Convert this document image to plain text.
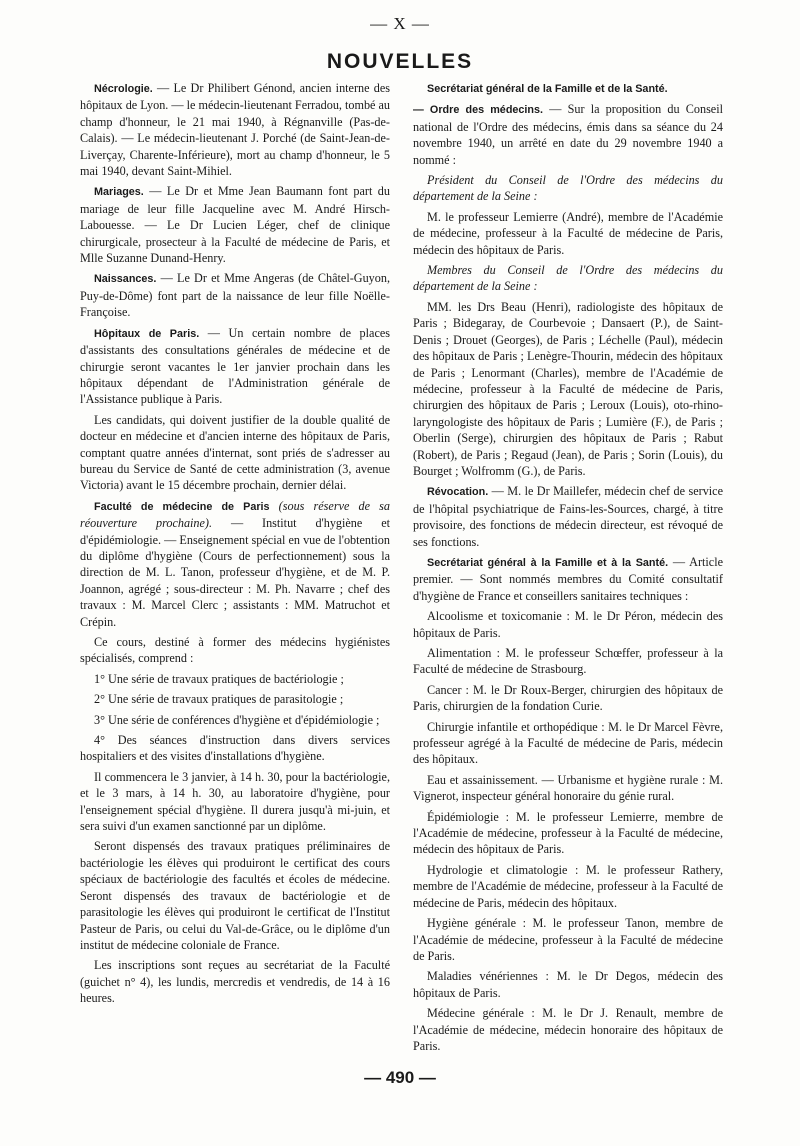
— X —
NOUVELLES

Nécrologie. — Le Dr Philibert Génond, ancien interne des hôpitaux de Lyon. — le médecin-lieutenant Ferradou, tombé au champ d'honneur, le 21 mai 1940, à Régnanville (Pas-de-Calais). — Le médecin-lieutenant J. Porché (de Saint-Jean-de-Liverçay, Charente-Inférieure), mort au champ d'honneur, le 5 mai 1940, devant Saint-Mihiel.

Mariages. — Le Dr et Mme Jean Baumann font part du mariage de leur fille Jacqueline avec M. André Hirsch-Labouesse. — Le Dr Lucien Léger, chef de clinique chirurgicale, prosecteur à la Faculté de médecine de Paris, et Mlle Suzanne Dunand-Henry.

Naissances. — Le Dr et Mme Angeras (de Châtel-Guyon, Puy-de-Dôme) font part de la naissance de leur fille Noëlle-Françoise.

Hôpitaux de Paris. — Un certain nombre de places d'assistants des consultations générales de médecine et de chirurgie seront vacantes le 1er janvier prochain dans les hôpitaux dépendant de l'Administration générale de l'Assistance publique à Paris.

Les candidats, qui doivent justifier de la double qualité de docteur en médecine et d'ancien interne des hôpitaux de Paris, comptant quatre années d'internat, sont priés de s'adresser au bureau du Service de Santé de cette administration (3, avenue Victoria) avant le 15 décembre prochain, dernier délai.

Faculté de médecine de Paris (sous réserve de sa réouverture prochaine). — Institut d'hygiène et d'épidémiologie. — Enseignement spécial en vue de l'obtention du diplôme d'hygiène (Cours de perfectionnement) sous la direction de M. L. Tanon, professeur d'hygiène, et de M. P. Joannon, agrégé ; sous-directeur : M. Ph. Navarre ; chef des travaux : M. Marcel Clerc ; assistants : MM. Matruchot et Crépin.

Ce cours, destiné à former des médecins hygiénistes spécialisés, comprend :

1° Une série de travaux pratiques de bactériologie ;

2° Une série de travaux pratiques de parasitologie ;

3° Une série de conférences d'hygiène et d'épidémiologie ;

4° Des séances d'instruction dans divers services hospitaliers et des visites d'installations d'hygiène.

Il commencera le 3 janvier, à 14 h. 30, pour la bactériologie, et le 3 mars, à 14 h. 30, au laboratoire d'hygiène, pour l'enseignement spécial d'hygiène. Il durera jusqu'à mi-juin, et sera suivi d'un examen sanctionné par un diplôme.

Seront dispensés des travaux pratiques préliminaires de bactériologie les élèves qui produiront le certificat des cours spéciaux de bactériologie des facultés et écoles de médecine. Seront dispensés des travaux de bactériologie et de parasitologie les élèves qui produiront le certificat de l'Institut Pasteur de Paris, ou celui du Val-de-Grâce, ou le diplôme d'un institut de médecine coloniale de France.

Les inscriptions sont reçues au secrétariat de la Faculté (guichet n° 4), les lundis, mercredis et vendredis, de 14 à 16 heures.

Secrétariat général de la Famille et de la Santé.

— Ordre des médecins. — Sur la proposition du Conseil national de l'Ordre des médecins, émis dans sa séance du 24 novembre 1940, un arrêté en date du 29 novembre 1940 a nommé :

Président du Conseil de l'Ordre des médecins du département de la Seine :

M. le professeur Lemierre (André), membre de l'Académie de médecine, professeur à la Faculté de médecine de Paris, médecin des hôpitaux de Paris.

Membres du Conseil de l'Ordre des médecins du département de la Seine :

MM. les Drs Beau (Henri), radiologiste des hôpitaux de Paris ; Bidegaray, de Courbevoie ; Dansaert (P.), de Saint-Denis ; Drouet (Georges), de Paris ; Léchelle (Paul), médecin des hôpitaux de Paris ; Lenègre-Thourin, médecin des hôpitaux de Paris ; Lenormant (Charles), membre de l'Académie de médecine, professeur à la Faculté de médecine de Paris, chirurgien des hôpitaux de Paris ; Leroux (Louis), oto-rhino-laryngologiste des hôpitaux de Paris ; Lumière (F.), de Paris ; Oberlin (Serge), chirurgien des hôpitaux de Paris ; Rabut (Robert), de Paris ; Regaud (Jean), de Paris ; Sorin (Louis), du Bourget ; Wolfromm (G.), de Paris.

Révocation. — M. le Dr Maillefer, médecin chef de service de l'hôpital psychiatrique de Fains-les-Sources, chargé, à titre provisoire, des fonctions de médecin directeur, est révoqué de ses fonctions.

Secrétariat général à la Famille et à la Santé. — Article premier. — Sont nommés membres du Comité consultatif d'hygiène de France et conseillers sanitaires techniques :

Alcoolisme et toxicomanie : M. le Dr Péron, médecin des hôpitaux de Paris.

Alimentation : M. le professeur Schœffer, professeur à la Faculté de médecine de Strasbourg.

Cancer : M. le Dr Roux-Berger, chirurgien des hôpitaux de Paris, chirurgien de la fondation Curie.

Chirurgie infantile et orthopédique : M. le Dr Marcel Fèvre, professeur agrégé à la Faculté de médecine de Paris, médecin des hôpitaux.

Eau et assainissement. — Urbanisme et hygiène rurale : M. Vignerot, inspecteur général honoraire du génie rural.

Épidémiologie : M. le professeur Lemierre, membre de l'Académie de médecine, professeur à la Faculté de médecine, médecin des hôpitaux de Paris.

Hydrologie et climatologie : M. le professeur Rathery, membre de l'Académie de médecine, professeur à la Faculté de médecine de Paris, médecin des hôpitaux.

Hygiène générale : M. le professeur Tanon, membre de l'Académie de médecine, professeur à la Faculté de médecine de Paris.

Maladies vénériennes : M. le Dr Degos, médecin des hôpitaux de Paris.

Médecine générale : M. le Dr J. Renault, membre de l'Académie de médecine, médecin honoraire des hôpitaux de Paris.

— 490 —
